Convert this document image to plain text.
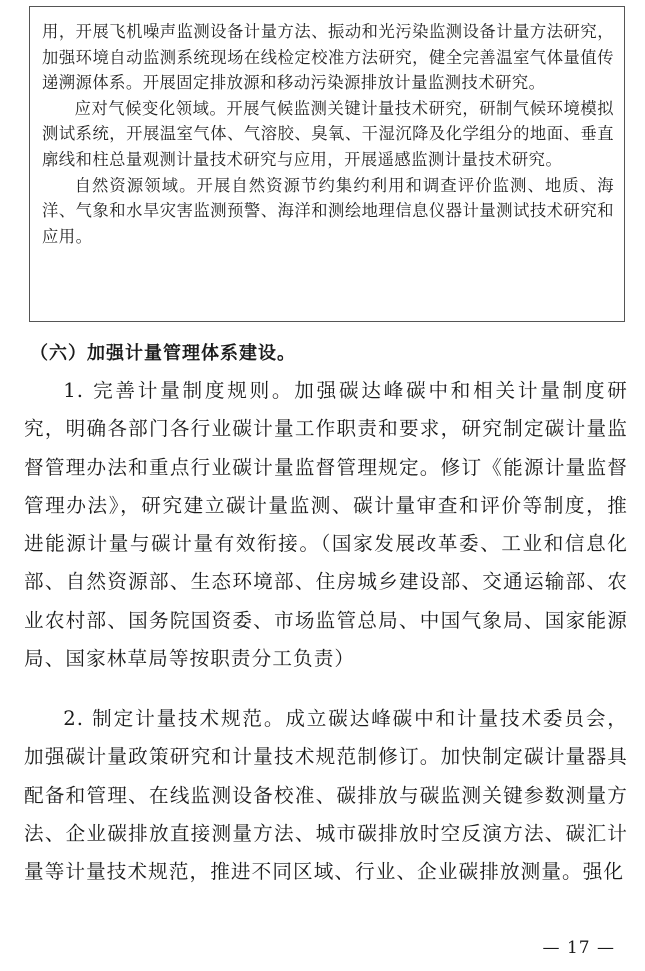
用，开展飞机噪声监测设备计量方法、振动和光污染监测设备计量方法研究，加强环境自动监测系统现场在线检定校准方法研究，健全完善温室气体量值传递溯源体系。开展固定排放源和移动污染源排放计量监测技术研究。

应对气候变化领域。开展气候监测关键计量技术研究，研制气候环境模拟测试系统，开展温室气体、气溶胶、臭氧、干湿沉降及化学组分的地面、垂直廓线和柱总量观测计量技术研究与应用，开展遥感监测计量技术研究。

自然资源领域。开展自然资源节约集约利用和调查评价监测、地质、海洋、气象和水旱灾害监测预警、海洋和测绘地理信息仪器计量测试技术研究和应用。

（六）加强计量管理体系建设。

1. 完善计量制度规则。加强碳达峰碳中和相关计量制度研究，明确各部门各行业碳计量工作职责和要求，研究制定碳计量监督管理办法和重点行业碳计量监督管理规定。修订《能源计量监督管理办法》，研究建立碳计量监测、碳计量审查和评价等制度，推进能源计量与碳计量有效衔接。（国家发展改革委、工业和信息化部、自然资源部、生态环境部、住房城乡建设部、交通运输部、农业农村部、国务院国资委、市场监管总局、中国气象局、国家能源局、国家林草局等按职责分工负责）

2. 制定计量技术规范。成立碳达峰碳中和计量技术委员会，加强碳计量政策研究和计量技术规范制修订。加快制定碳计量器具配备和管理、在线监测设备校准、碳排放与碳监测关键参数测量方法、企业碳排放直接测量方法、城市碳排放时空反演方法、碳汇计量等计量技术规范，推进不同区域、行业、企业碳排放测量。强化

— 17 —
